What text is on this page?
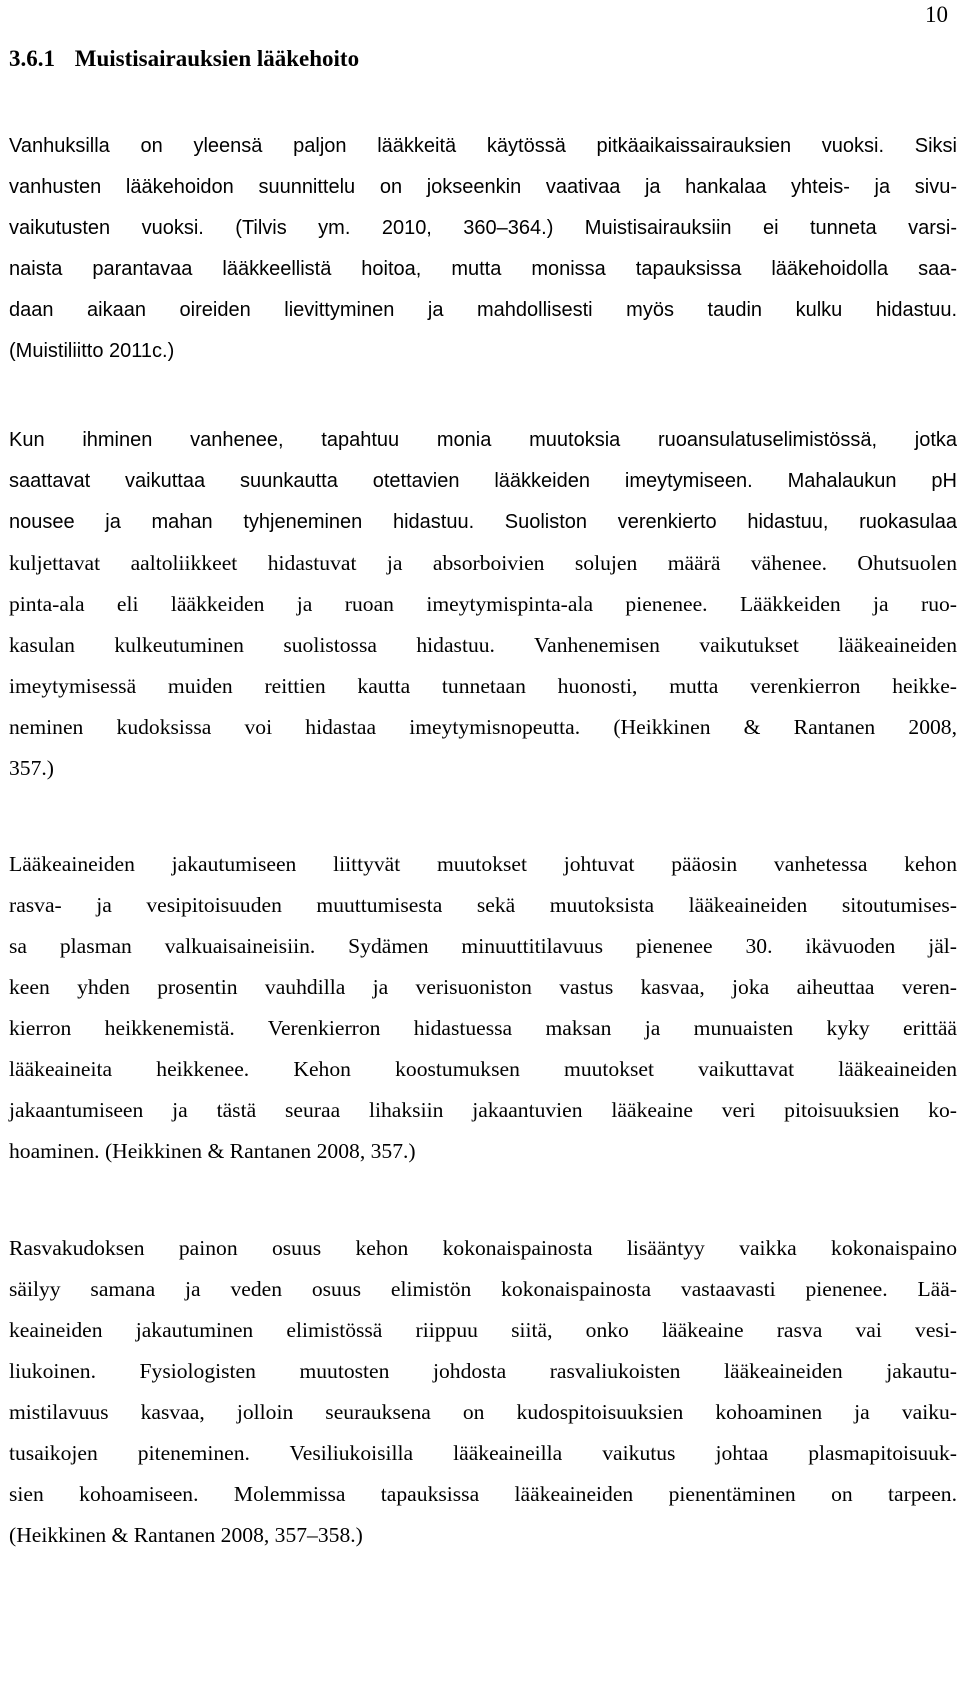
10
3.6.1 Muistisairauksien lääkehoito
Vanhuksilla on yleensä paljon lääkkeitä käytössä pitkäaikaissairauksien vuoksi. Siksi
vanhusten lääkehoidon suunnittelu on jokseenkin vaativaa ja hankalaa yhteis- ja sivu-
vaikutusten vuoksi. (Tilvis ym. 2010, 360–364.) Muistisairauksiin ei tunneta varsi-
naista parantavaa lääkkeellistä hoitoa, mutta monissa tapauksissa lääkehoidolla saa-
daan aikaan oireiden lievittyminen ja mahdollisesti myös taudin kulku hidastuu.
(Muistiliitto 2011c.)
Kun ihminen vanhenee, tapahtuu monia muutoksia ruoansulatuselimistössä, jotka
saattavat vaikuttaa suunkautta otettavien lääkkeiden imeytymiseen. Mahalaukun pH
nousee ja mahan tyhjeneminen hidastuu. Suoliston verenkierto hidastuu, ruokasulaa
kuljettavat aaltoliikkeet hidastuvat ja absorboivien solujen määrä vähenee. Ohutsuolen
pinta-ala eli lääkkeiden ja ruoan imeytymispinta-ala pienenee. Lääkkeiden ja ruo-
kasulan kulkeutuminen suolistossa hidastuu. Vanhenemisen vaikutukset lääkeaineiden
imeytymisessä muiden reittien kautta tunnetaan huonosti, mutta verenkierron heikke-
neminen kudoksissa voi hidastaa imeytymisnopeutta. (Heikkinen & Rantanen 2008,
357.)
Lääkeaineiden jakautumiseen liittyvät muutokset johtuvat pääosin vanhetessa kehon
rasva- ja vesipitoisuuden muuttumisesta sekä muutoksista lääkeaineiden sitoutumises-
sa plasman valkuaisaineisiin. Sydämen minuuttitilavuus pienenee 30. ikävuoden jäl-
keen yhden prosentin vauhdilla ja verisuoniston vastus kasvaa, joka aiheuttaa veren-
kierron heikkenemistä. Verenkierron hidastuessa maksan ja munuaisten kyky erittää
lääkeaineita heikkenee. Kehon koostumuksen muutokset vaikuttavat lääkeaineiden
jakaantumiseen ja tästä seuraa lihaksiin jakaantuvien lääkeaine veri pitoisuuksien ko-
hoaminen. (Heikkinen & Rantanen 2008, 357.)
Rasvakudoksen painon osuus kehon kokonaispainosta lisääntyy vaikka kokonaispaino
säilyy samana ja veden osuus elimistön kokonaispainosta vastaavasti pienenee. Lää-
keaineiden jakautuminen elimistössä riippuu siitä, onko lääkeaine rasva vai vesi-
liukoinen. Fysiologisten muutosten johdosta rasvaliukoisten lääkeaineiden jakautu-
mistilavuus kasvaa, jolloin seurauksena on kudospitoisuuksien kohoaminen ja vaiku-
tusaikojen piteneminen. Vesiliukoisilla lääkeaineilla vaikutus johtaa plasmapitoisuuk-
sien kohoamiseen. Molemmissa tapauksissa lääkeaineiden pienentäminen on tarpeen.
(Heikkinen & Rantanen 2008, 357–358.)
